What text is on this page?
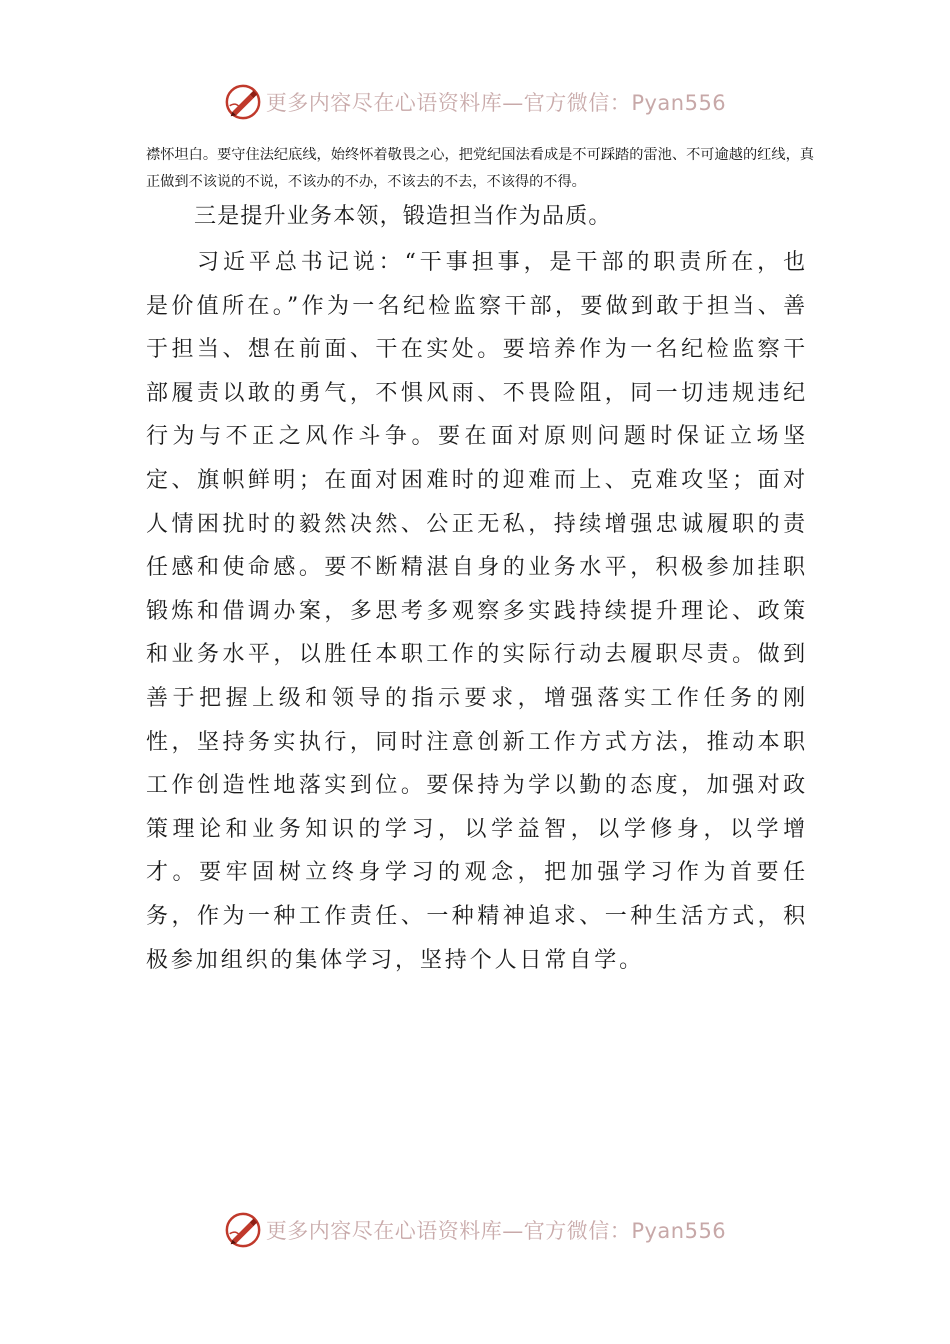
更多内容尽在心语资料库—官方微信：Pyan556

襟怀坦白。要守住法纪底线，始终怀着敬畏之心，把党纪国法看成是不可踩踏的雷池、不可逾越的红线，真正做到不该说的不说，不该办的不办，不该去的不去，不该得的不得。

三是提升业务本领，锻造担当作为品质。

习近平总书记说：“干事担事，是干部的职责所在，也是价值所在。”作为一名纪检监察干部，要做到敢于担当、善于担当、想在前面、干在实处。要培养作为一名纪检监察干部履责以敢的勇气，不惧风雨、不畏险阻，同一切违规违纪行为与不正之风作斗争。要在面对原则问题时保证立场坚定、旗帜鲜明；在面对困难时的迎难而上、克难攻坚；面对人情困扰时的毅然决然、公正无私，持续增强忠诚履职的责任感和使命感。要不断精湛自身的业务水平，积极参加挂职锻炼和借调办案，多思考多观察多实践持续提升理论、政策和业务水平，以胜任本职工作的实际行动去履职尽责。做到善于把握上级和领导的指示要求，增强落实工作任务的刚性，坚持务实执行，同时注意创新工作方式方法，推动本职工作创造性地落实到位。要保持为学以勤的态度，加强对政策理论和业务知识的学习，以学益智，以学修身，以学增才。要牢固树立终身学习的观念，把加强学习作为首要任务，作为一种工作责任、一种精神追求、一种生活方式，积极参加组织的集体学习，坚持个人日常自学。

更多内容尽在心语资料库—官方微信：Pyan556
